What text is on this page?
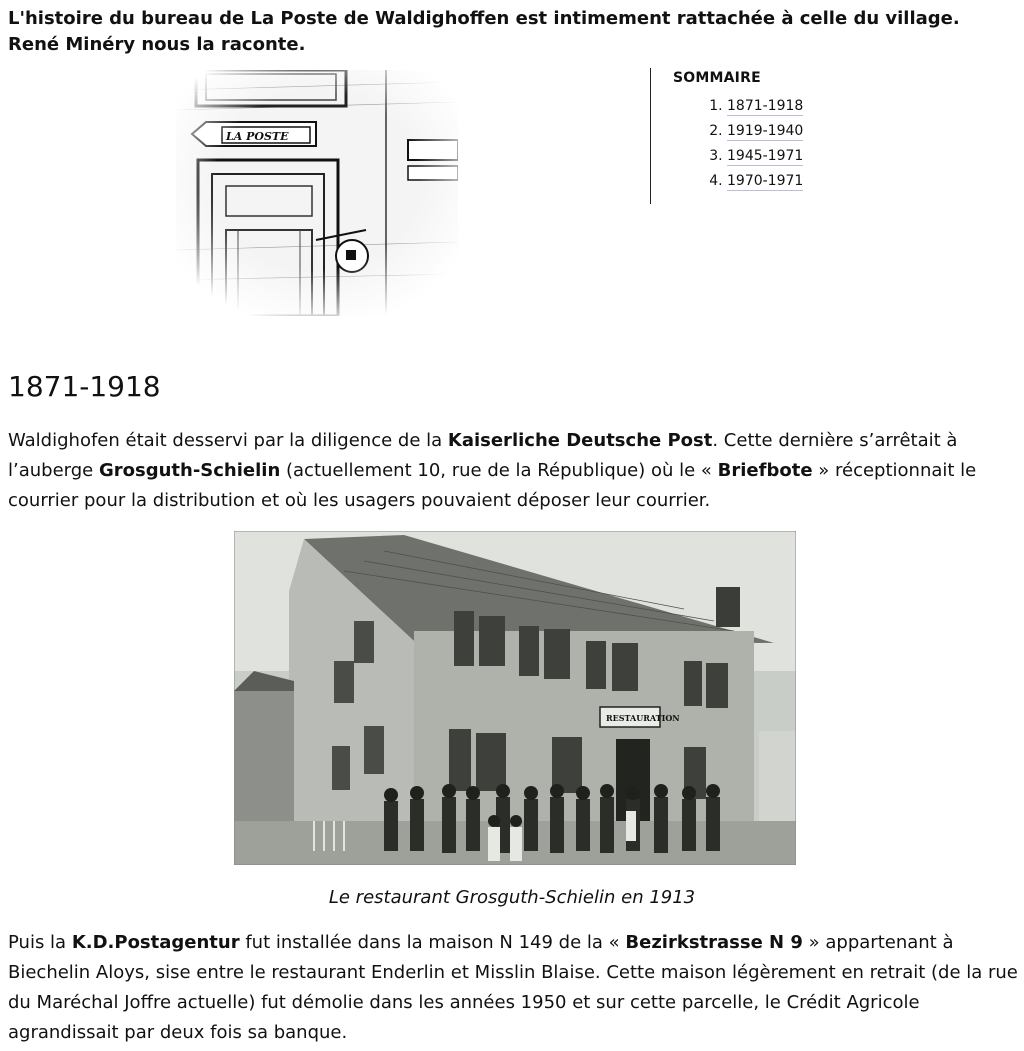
L'histoire du bureau de La Poste de Waldighoffen est intimement rattachée à celle du village. René Minéry nous la raconte.
SOMMAIRE
1. 1871-1918
2. 1919-1940
3. 1945-1971
4. 1970-1971
1871-1918
Waldighofen était desservi par la diligence de la Kaiserliche Deutsche Post. Cette dernière s’arrêtait à l’auberge Grosguth-Schielin (actuellement 10, rue de la République) où le « Briefbote » réceptionnait le courrier pour la distribution et où les usagers pouvaient déposer leur courrier.
RESTAURATION
Le restaurant Grosguth-Schielin en 1913
Puis la K.D.Postagentur fut installée dans la maison N 149 de la « Bezirkstrasse N 9 » appartenant à Biechelin Aloys, sise entre le restaurant Enderlin et Misslin Blaise. Cette maison légèrement en retrait (de la rue du Maréchal Joffre actuelle) fut démolie dans les années 1950 et sur cette parcelle, le Crédit Agricole agrandissait par deux fois sa banque.
